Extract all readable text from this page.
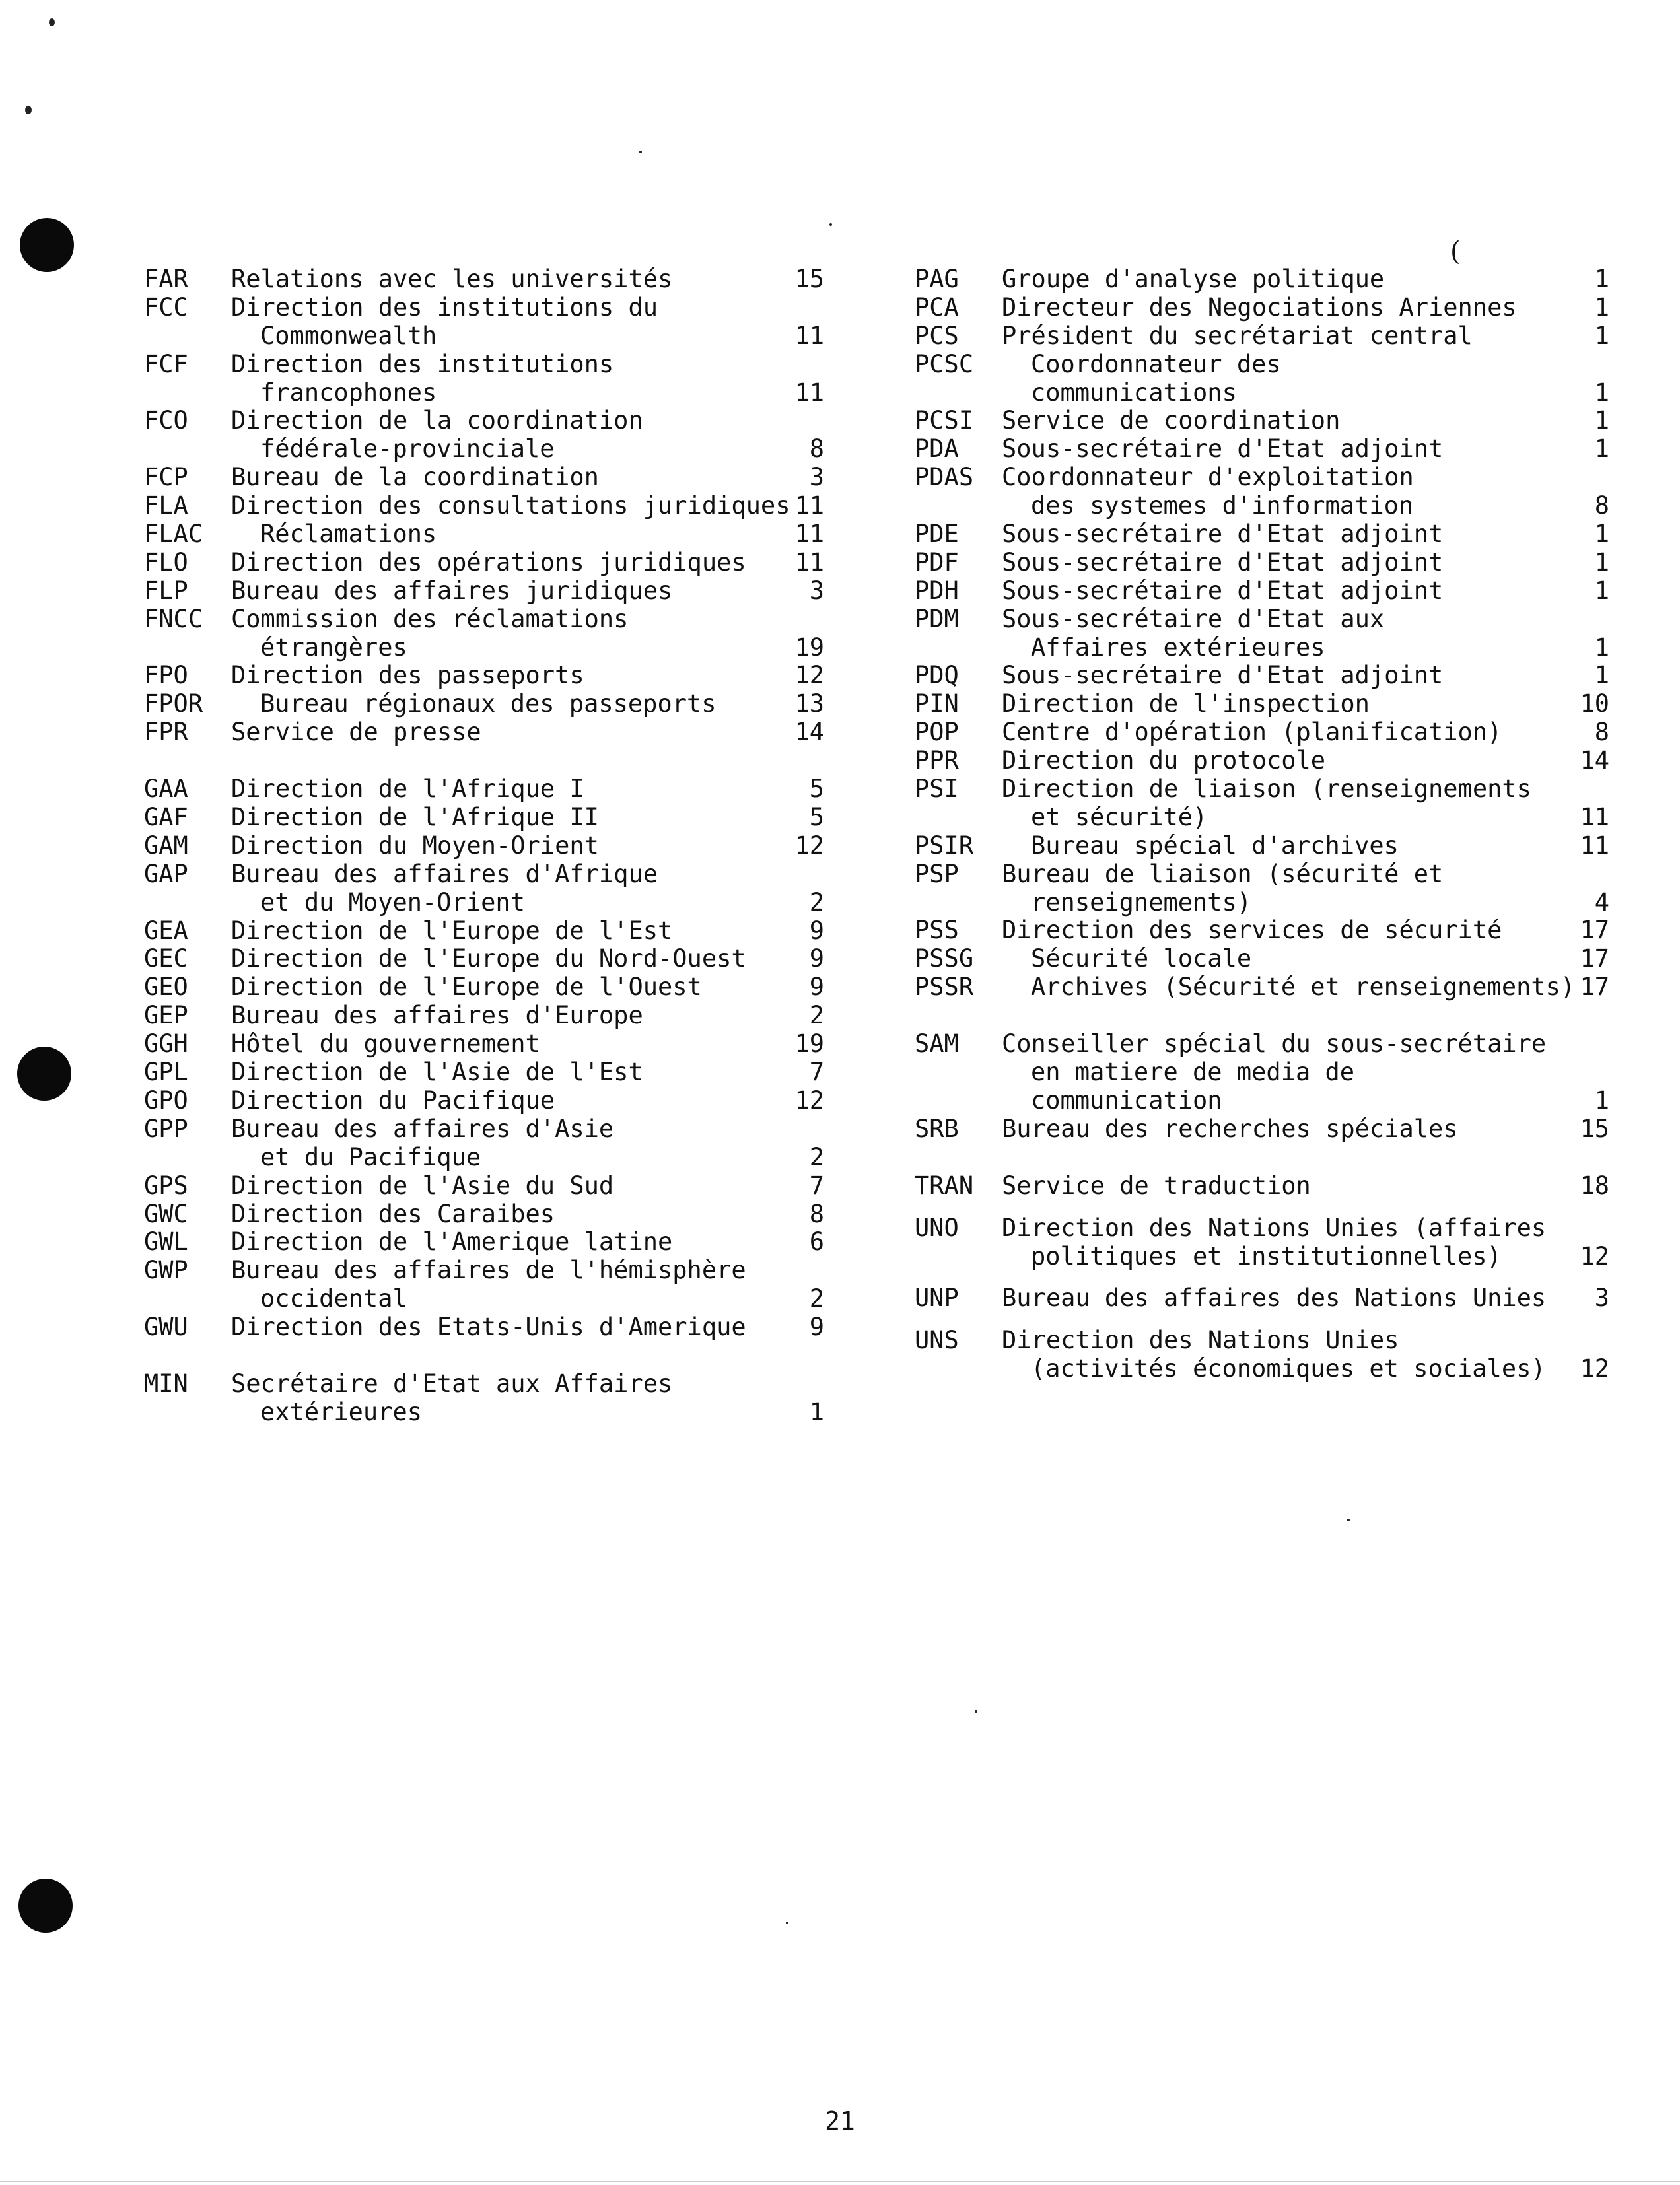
(
FAR Relations avec les universités	15
FCC Direction des institutions du
Commonwealth	11
FCF Direction des institutions
francophones	11
FCO Direction de la coordination
fédérale-provinciale	8
FCP Bureau de la coordination	3
FLA Direction des consultations juridiques 11
FLAC	Réclamations	11
FLO Direction des opérations juridiques 11
FLP Bureau des affaires juridiques	3
FNCC Commission des réclamations
étrangères	19
FPO Direction des passeports	12
FPOR	Bureau régionaux des passeports	13
FPR Service de presse	14
GAA Direction de l'Afrique I	5
GAF Direction de l'Afrique II	5
GAM Direction du Moyen-Orient	12
GAP Bureau des affaires d'Afrique
et du Moyen-Orient	2
GEA Direction de l'Europe de l'Est	9
GEC Direction de l'Europe du Nord-Ouest	9
GEO Direction de l'Europe de l'Ouest	9
GEP Bureau des affaires d'Europe	2
GGH Hôtel du gouvernement	19
GPL Direction de l'Asie de l'Est	7
GPO Direction du Pacifique	12
GPP Bureau des affaires d'Asie
et du Pacifique	2
GPS Direction de l'Asie du Sud	7
GWC Direction des Caraibes	8
GWL Direction de l'Amerique latine	6
GWP Bureau des affaires de l'hémisphère
occidental	2
GWU Direction des Etats-Unis d'Amerique	9
MIN Secrétaire d'Etat aux Affaires
extérieures	1
PAG Groupe d'analyse politique	1
PCA Directeur des Negociations Ariennes	1
PCS Président du secrétariat central	1
PCSC	Coordonnateur des
communications	1
PCSI Service de coordination	1
PDA Sous-secrétaire d'Etat adjoint	1
PDAS Coordonnateur d'exploitation
des systemes d'information	8
PDE Sous-secrétaire d'Etat adjoint	1
PDF Sous-secrétaire d'Etat adjoint	1
PDH Sous-secrétaire d'Etat adjoint	1
PDM Sous-secrétaire d'Etat aux
Affaires extérieures	1
PDQ Sous-secrétaire d'Etat adjoint	1
PIN Direction de l'inspection	10
POP Centre d'opération (planification)	8
PPR Direction du protocole	14
PSI Direction de liaison (renseignements
et sécurité)	11
PSIR	Bureau spécial d'archives	11
PSP Bureau de liaison (sécurité et
renseignements)	4
PSS Direction des services de sécurité	17
PSSG	Sécurité locale	17
PSSR	Archives (Sécurité et renseignements) 17
SAM Conseiller spécial du sous-secrétaire
en matiere de media de
communication	1
SRB Bureau des recherches spéciales	15
TRAN Service de traduction	18
UNO Direction des Nations Unies (affaires
politiques et institutionnelles)	12
UNP Bureau des affaires des Nations Unies 3
UNS Direction des Nations Unies
(activités économiques et sociales) 12
21
